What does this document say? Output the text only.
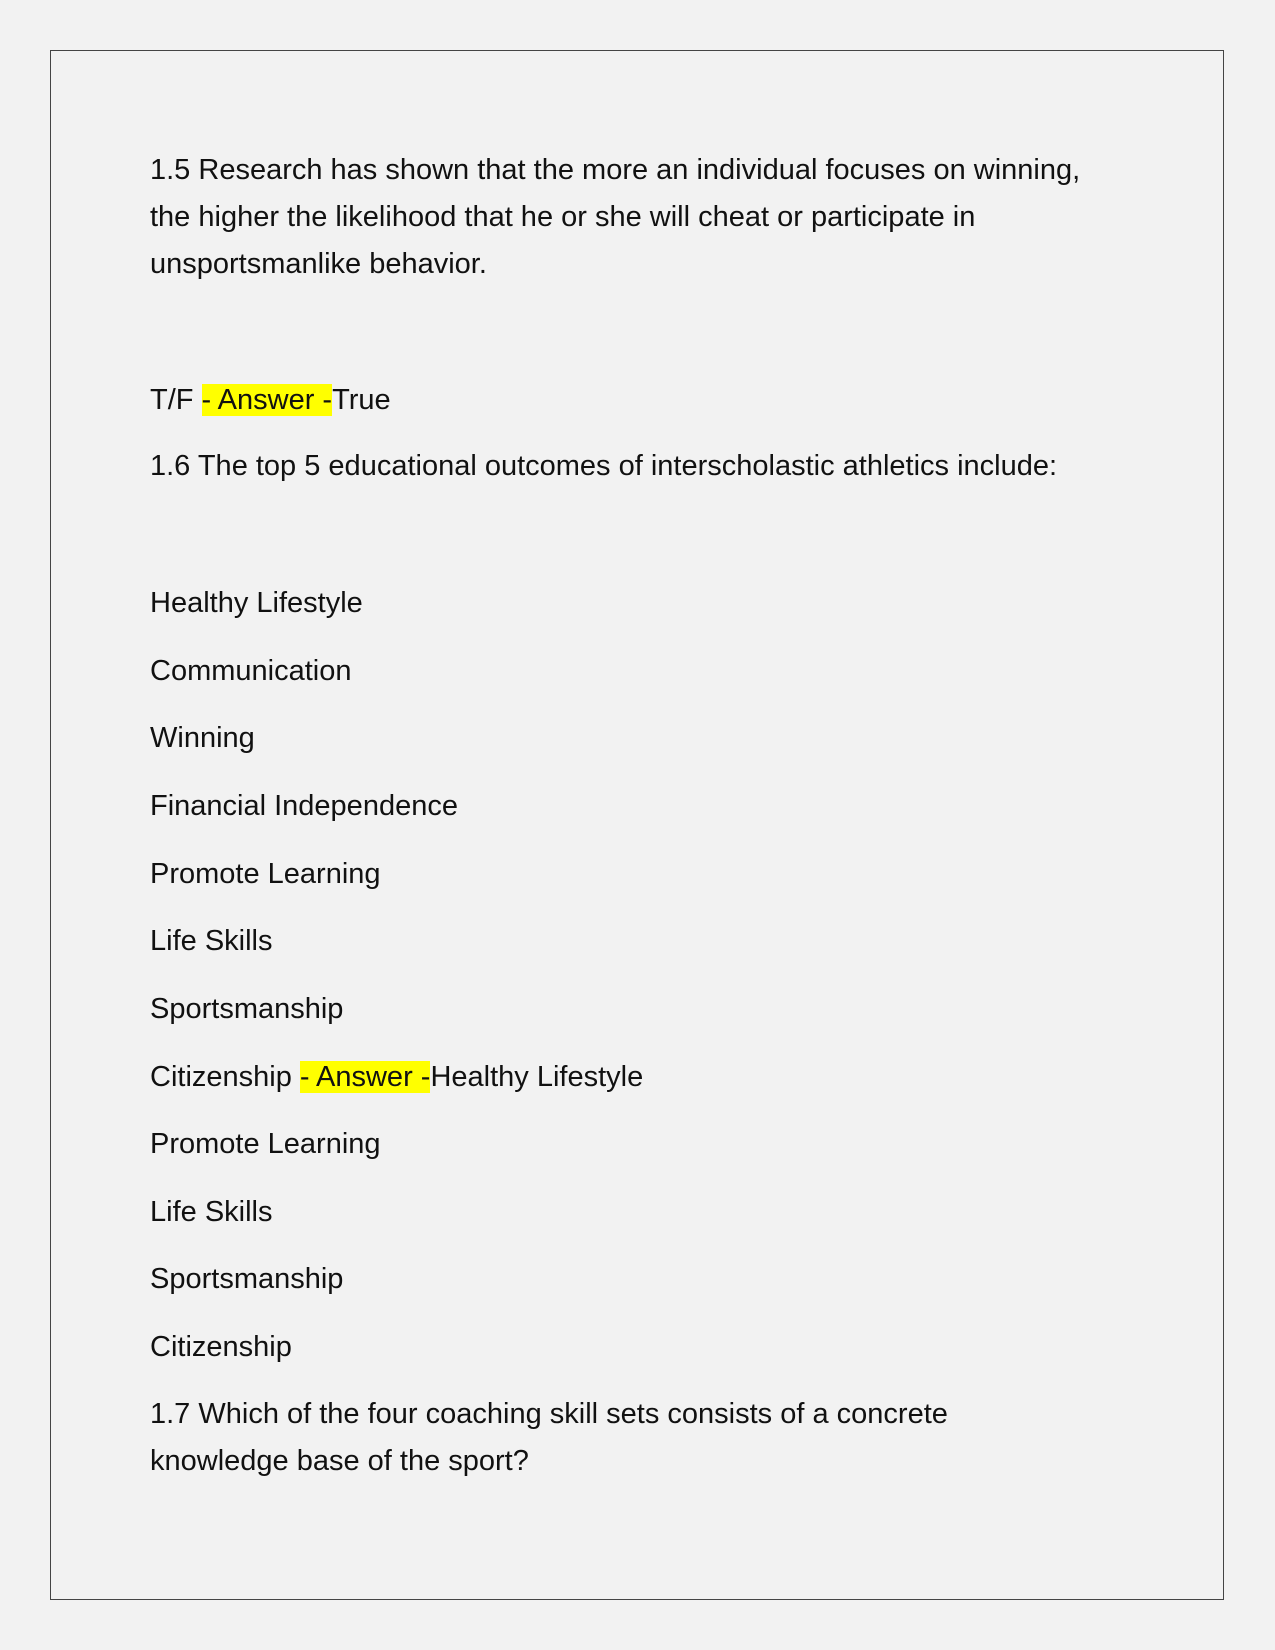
1.5 Research has shown that the more an individual focuses on winning,

the higher the likelihood that he or she will cheat or participate in

unsportsmanlike behavior.

T/F - Answer -True

1.6 The top 5 educational outcomes of interscholastic athletics include:

Healthy Lifestyle

Communication

Winning

Financial Independence

Promote Learning

Life Skills

Sportsmanship

Citizenship - Answer -Healthy Lifestyle

Promote Learning

Life Skills

Sportsmanship

Citizenship

1.7 Which of the four coaching skill sets consists of a concrete

knowledge base of the sport?
